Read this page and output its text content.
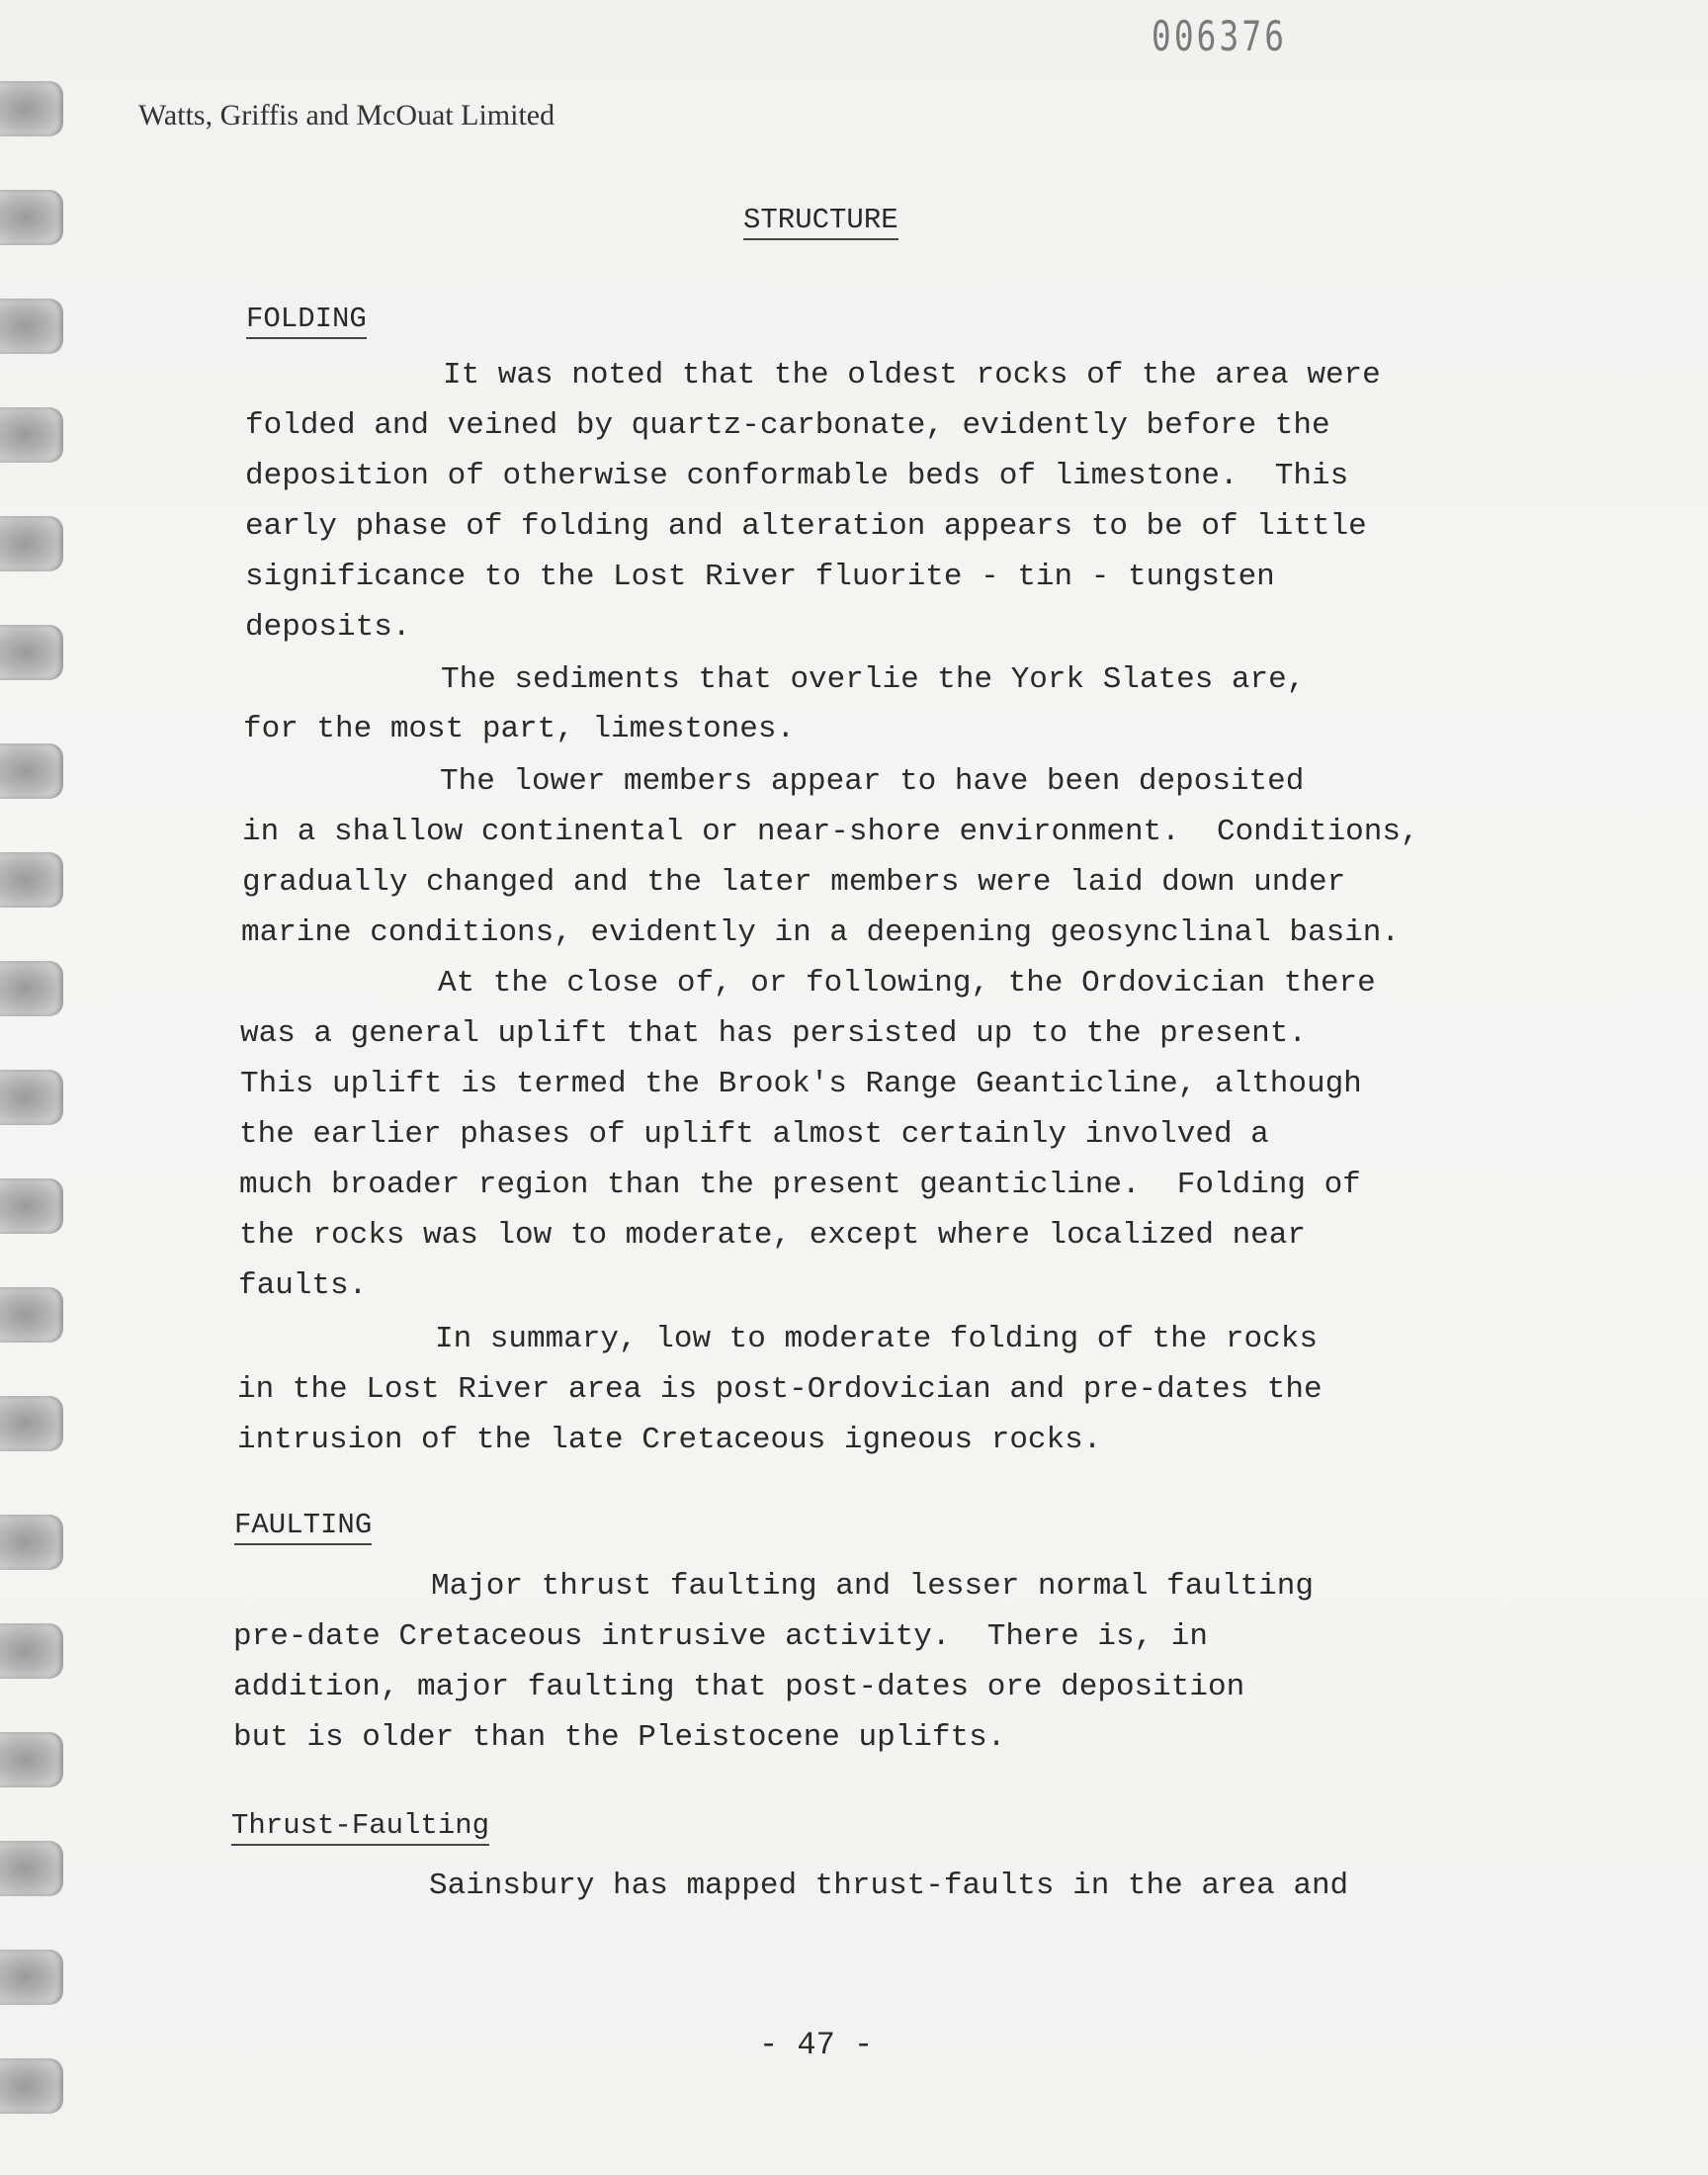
006376
Watts, Griffis and McOuat Limited
STRUCTURE
FOLDING
It was noted that the oldest rocks of the area were
folded and veined by quartz-carbonate, evidently before the
deposition of otherwise conformable beds of limestone.  This
early phase of folding and alteration appears to be of little
significance to the Lost River fluorite - tin - tungsten
deposits.
The sediments that overlie the York Slates are,
for the most part, limestones.
The lower members appear to have been deposited
in a shallow continental or near-shore environment.  Conditions,
gradually changed and the later members were laid down under
marine conditions, evidently in a deepening geosynclinal basin.
At the close of, or following, the Ordovician there
was a general uplift that has persisted up to the present.
This uplift is termed the Brook's Range Geanticline, although
the earlier phases of uplift almost certainly involved a
much broader region than the present geanticline.  Folding of
the rocks was low to moderate, except where localized near
faults.
In summary, low to moderate folding of the rocks
in the Lost River area is post-Ordovician and pre-dates the
intrusion of the late Cretaceous igneous rocks.
FAULTING
Major thrust faulting and lesser normal faulting
pre-date Cretaceous intrusive activity.  There is, in
addition, major faulting that post-dates ore deposition
but is older than the Pleistocene uplifts.
Thrust-Faulting
Sainsbury has mapped thrust-faults in the area and
- 47 -
